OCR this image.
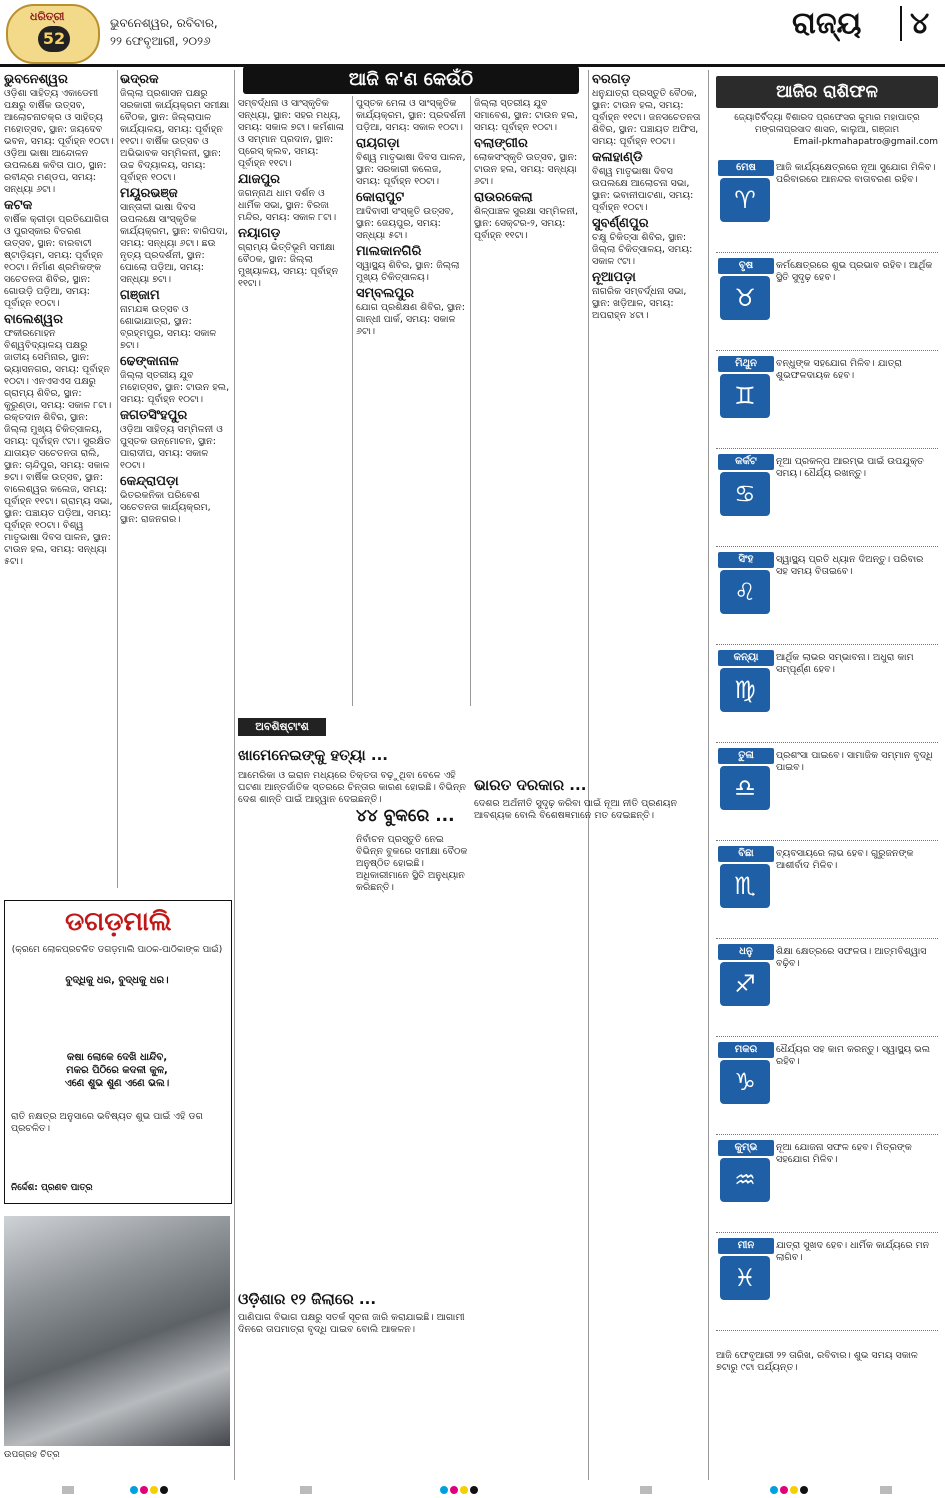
ଧରିତ୍ରୀ
52
ଭୁବନେଶ୍ୱର, ରବିବାର,
୨୨ ଫେବୃଆରୀ, ୨୦୨୬	ରାଜ୍ୟ	୪
ଭୁବନେଶ୍ୱର

ଓଡ଼ିଶା ସାହିତ୍ୟ ଏକାଡେମୀ ପକ୍ଷରୁ ବାର୍ଷିକ ଉତ୍ସବ, ଆଲୋଚନାଚକ୍ର ଓ ସାହିତ୍ୟ ମହୋତ୍ସବ, ସ୍ଥାନ: ଜୟଦେବ ଭବନ, ସମୟ: ପୂର୍ବାହ୍ନ ୧୦ଟା। ଓଡ଼ିଆ ଭାଷା ଆନ୍ଦୋଳନ ଉପଲକ୍ଷେ କବିତା ପାଠ, ସ୍ଥାନ: ରବୀନ୍ଦ୍ର ମଣ୍ଡପ, ସମୟ: ସନ୍ଧ୍ୟା ୬ଟା।

କଟକ

ବାର୍ଷିକ କ୍ରୀଡ଼ା ପ୍ରତିଯୋଗିତା ଓ ପୁରସ୍କାର ବିତରଣ ଉତ୍ସବ, ସ୍ଥାନ: ବାରବାଟୀ ଷ୍ଟାଡ଼ିୟମ, ସମୟ: ପୂର୍ବାହ୍ନ ୧୦ଟା। ନିର୍ମାଣ ଶ୍ରମିକଙ୍କ ସଚେତନତା ଶିବିର, ସ୍ଥାନ: ଗୋଉଡ଼ି ପଡ଼ିଆ, ସମୟ: ପୂର୍ବାହ୍ନ ୧୦ଟା।

ବାଲେଶ୍ୱର

ଫକୀରମୋହନ ବିଶ୍ୱବିଦ୍ୟାଳୟ ପକ୍ଷରୁ ଜାତୀୟ ସେମିନାର, ସ୍ଥାନ: ଭ୍ୟାସନଗର, ସମୟ: ପୂର୍ବାହ୍ନ ୧୦ଟା। ଏନଏସଏସ ପକ୍ଷରୁ ଗ୍ରାମ୍ୟ ଶିବିର, ସ୍ଥାନ: କୁରୁଣ୍ଡା, ସମୟ: ସକାଳ ୮ଟା। ରକ୍ତଦାନ ଶିବିର, ସ୍ଥାନ: ଜିଲ୍ଲା ମୁଖ୍ୟ ଚିକିତ୍ସାଳୟ, ସମୟ: ପୂର୍ବାହ୍ନ ୯ଟା। ସୁରକ୍ଷିତ ଯାତାୟତ ସଚେତନତା ରାଲି, ସ୍ଥାନ: ଚାନ୍ଦିପୁର, ସମୟ: ସକାଳ ୭ଟା। ବାର୍ଷିକ ଉତ୍ସବ, ସ୍ଥାନ: ବାଲେଶ୍ୱର କଲେଜ, ସମୟ: ପୂର୍ବାହ୍ନ ୧୧ଟା। ଗ୍ରାମ୍ୟ ସଭା, ସ୍ଥାନ: ପଞ୍ଚାୟତ ପଡ଼ିଆ, ସମୟ: ପୂର୍ବାହ୍ନ ୧୦ଟା। ବିଶ୍ୱ ମାତୃଭାଷା ଦିବସ ପାଳନ, ସ୍ଥାନ: ଟାଉନ ହଲ, ସମୟ: ସନ୍ଧ୍ୟା ୫ଟା।

ଭଦ୍ରକ

ଜିଲ୍ଲା ପ୍ରଶାସନ ପକ୍ଷରୁ ସରକାରୀ କାର୍ଯ୍ୟକ୍ରମ ସମୀକ୍ଷା ବୈଠକ, ସ୍ଥାନ: ଜିଲ୍ଲାପାଳ କାର୍ଯ୍ୟାଳୟ, ସମୟ: ପୂର୍ବାହ୍ନ ୧୧ଟା। ବାର୍ଷିକ ଉତ୍ସବ ଓ ଅଭିଭାବକ ସମ୍ମିଳନୀ, ସ୍ଥାନ: ଉଚ୍ଚ ବିଦ୍ୟାଳୟ, ସମୟ: ପୂର୍ବାହ୍ନ ୧୦ଟା।

ମୟୂରଭଞ୍ଜ

ସାନ୍ତାଳୀ ଭାଷା ଦିବସ ଉପଲକ୍ଷେ ସାଂସ୍କୃତିକ କାର୍ଯ୍ୟକ୍ରମ, ସ୍ଥାନ: ବାରିପଦା, ସମୟ: ସନ୍ଧ୍ୟା ୬ଟା। ଛଉ ନୃତ୍ୟ ପ୍ରଦର୍ଶନୀ, ସ୍ଥାନ: ପୋଲୋ ପଡ଼ିଆ, ସମୟ: ସନ୍ଧ୍ୟା ୭ଟା।

ଗଞ୍ଜାମ

ନାମଯଜ୍ଞ ଉତ୍ସବ ଓ ଶୋଭାଯାତ୍ରା, ସ୍ଥାନ: ବ୍ରହ୍ମପୁର, ସମୟ: ସକାଳ ୭ଟା।

ଢେଙ୍କାନାଳ

ଜିଲ୍ଲା ସ୍ତରୀୟ ଯୁବ ମହୋତ୍ସବ, ସ୍ଥାନ: ଟାଉନ ହଲ, ସମୟ: ପୂର୍ବାହ୍ନ ୧୦ଟା।

ଜଗତସିଂହପୁର

ଓଡ଼ିଆ ସାହିତ୍ୟ ସମ୍ମିଳନୀ ଓ ପୁସ୍ତକ ଉନ୍ମୋଚନ, ସ୍ଥାନ: ପାରାଦୀପ, ସମୟ: ସକାଳ ୧୦ଟା।

କେନ୍ଦ୍ରାପଡ଼ା

ଭିତରକନିକା ପରିବେଶ ସଚେତନତା କାର୍ଯ୍ୟକ୍ରମ, ସ୍ଥାନ: ରାଜନଗର।

ଆଜି କ'ଣ କେଉଁଠି

ସମ୍ବର୍ଦ୍ଧନା ଓ ସାଂସ୍କୃତିକ ସନ୍ଧ୍ୟା, ସ୍ଥାନ: ସହର ମଧ୍ୟ, ସମୟ: ସକାଳ ୭ଟା। କର୍ମଶାଳା ଓ ସମ୍ମାନ ପ୍ରଦାନ, ସ୍ଥାନ: ପ୍ରେସ୍ କ୍ଲବ, ସମୟ: ପୂର୍ବାହ୍ନ ୧୧ଟା।

ଯାଜପୁର

ଜଗନ୍ନାଥ ଧାମ ଦର୍ଶନ ଓ ଧାର୍ମିକ ସଭା, ସ୍ଥାନ: ବିରଜା ମନ୍ଦିର, ସମୟ: ସକାଳ ୮ଟା।

ନୟାଗଡ଼

ଗ୍ରାମ୍ୟ ଭିତ୍ତିଭୂମି ସମୀକ୍ଷା ବୈଠକ, ସ୍ଥାନ: ଜିଲ୍ଲା ମୁଖ୍ୟାଳୟ, ସମୟ: ପୂର୍ବାହ୍ନ ୧୧ଟା।

ପୁସ୍ତକ ମେଳା ଓ ସାଂସ୍କୃତିକ କାର୍ଯ୍ୟକ୍ରମ, ସ୍ଥାନ: ପ୍ରଦର୍ଶନୀ ପଡ଼ିଆ, ସମୟ: ସକାଳ ୧୦ଟା।

ରାୟଗଡ଼ା

ବିଶ୍ୱ ମାତୃଭାଷା ଦିବସ ପାଳନ, ସ୍ଥାନ: ସରକାରୀ କଲେଜ, ସମୟ: ପୂର୍ବାହ୍ନ ୧୦ଟା।

କୋରାପୁଟ

ଆଦିବାସୀ ସଂସ୍କୃତି ଉତ୍ସବ, ସ୍ଥାନ: ଜେୟପୁର, ସମୟ: ସନ୍ଧ୍ୟା ୫ଟା।

ମାଲକାନଗିରି

ସ୍ୱାସ୍ଥ୍ୟ ଶିବିର, ସ୍ଥାନ: ଜିଲ୍ଲା ମୁଖ୍ୟ ଚିକିତ୍ସାଳୟ।

ସମ୍ବଲପୁର

ଯୋଗ ପ୍ରଶିକ୍ଷଣ ଶିବିର, ସ୍ଥାନ: ଗାନ୍ଧୀ ପାର୍କ, ସମୟ: ସକାଳ ୬ଟା।

ଜିଲ୍ଲା ସ୍ତରୀୟ ଯୁବ ସମାବେଶ, ସ୍ଥାନ: ଟାଉନ ହଲ, ସମୟ: ପୂର୍ବାହ୍ନ ୧୦ଟା।

ବଲାଙ୍ଗୀର

ଲୋକସଂସ୍କୃତି ଉତ୍ସବ, ସ୍ଥାନ: ଟାଉନ ହଲ, ସମୟ: ସନ୍ଧ୍ୟା ୬ଟା।

ରାଉରକେଲା

ଶିଳ୍ପାଞ୍ଚଳ ସୁରକ୍ଷା ସମ୍ମିଳନୀ, ସ୍ଥାନ: ସେକ୍ଟର-୨, ସମୟ: ପୂର୍ବାହ୍ନ ୧୧ଟା।

ବରଗଡ଼

ଧନୁଯାତ୍ରା ପ୍ରସ୍ତୁତି ବୈଠକ, ସ୍ଥାନ: ଟାଉନ ହଲ, ସମୟ: ପୂର୍ବାହ୍ନ ୧୧ଟା। ଜନସଚେତନତା ଶିବିର, ସ୍ଥାନ: ପଞ୍ଚାୟତ ଅଫିସ, ସମୟ: ପୂର୍ବାହ୍ନ ୧୦ଟା।

କଳାହାଣ୍ଡି

ବିଶ୍ୱ ମାତୃଭାଷା ଦିବସ ଉପଲକ୍ଷେ ଆଲୋଚନା ସଭା, ସ୍ଥାନ: ଭବାନୀପାଟଣା, ସମୟ: ପୂର୍ବାହ୍ନ ୧୦ଟା।

ସୁବର୍ଣ୍ଣପୁର

ଚକ୍ଷୁ ଚିକିତ୍ସା ଶିବିର, ସ୍ଥାନ: ଜିଲ୍ଲା ଚିକିତ୍ସାଳୟ, ସମୟ: ସକାଳ ୯ଟା।

ନୂଆପଡ଼ା

ନାଗରିକ ସମ୍ବର୍ଦ୍ଧନା ସଭା, ସ୍ଥାନ: ଖଡ଼ିଆଳ, ସମୟ: ଅପରାହ୍ନ ୪ଟା।

ଅବଶିଷ୍ଟାଂଶ
ଖାମେନେଇଙ୍କୁ ହତ୍ୟା ...

ଆମେରିକା ଓ ଇରାନ ମଧ୍ୟରେ ତିକ୍ତତା ବଢ଼ୁଥିବା ବେଳେ ଏହି ଘଟଣା ଆନ୍ତର୍ଜାତିକ ସ୍ତରରେ ଚିନ୍ତାର କାରଣ ହୋଇଛି। ବିଭିନ୍ନ ଦେଶ ଶାନ୍ତି ପାଇଁ ଆହ୍ୱାନ ଦେଇଛନ୍ତି।

ଓଡ଼ିଶାର ୧୨ ଜିଲାରେ ...

ପାଣିପାଗ ବିଭାଗ ପକ୍ଷରୁ ସତର୍କ ସୂଚନା ଜାରି କରାଯାଇଛି। ଆଗାମୀ ଦିନରେ ତାପମାତ୍ରା ବୃଦ୍ଧି ପାଇବ ବୋଲି ଆକଳନ।

୪୪ ବୁକରେ ...

ନିର୍ବାଚନ ପ୍ରସ୍ତୁତି ନେଇ ବିଭିନ୍ନ ବୁକରେ ସମୀକ୍ଷା ବୈଠକ ଅନୁଷ୍ଠିତ ହୋଇଛି। ଅଧିକାରୀମାନେ ସ୍ଥିତି ଅନୁଧ୍ୟାନ କରିଛନ୍ତି।

ଭାରତ ଦରକାର ...

ଦେଶର ଅର୍ଥନୀତି ସୁଦୃଢ଼ କରିବା ପାଇଁ ନୂଆ ନୀତି ପ୍ରଣୟନ ଆବଶ୍ୟକ ବୋଲି ବିଶେଷଜ୍ଞମାନେ ମତ ଦେଇଛନ୍ତି।

ଡଗଡ଼ମାଲି
(କ୍ରମେ ଲୋକପ୍ରଚଳିତ ଡଗଡ଼ମାଲି ପାଠକ-ପାଠିକାଙ୍କ ପାଇଁ)
ବୁଦ୍ଧିକୁ ଧର, ବୁଦ୍ଧକୁ ଧର।
କଷା ଲୋକେ ଦେଖି ଧାନ୍ଦିବ,
ମକର ପିଠିରେ କଦଳୀ କୁଳ,
ଏଣେ ଶୁଭ ଶୁଣ ଏଣେ ଭଲ।
ରାତି ନକ୍ଷତ୍ର ଅନୁସାରେ ଭବିଷ୍ୟତ ଶୁଭ ପାଇଁ ଏହି ଡଗ ପ୍ରଚଳିତ।
ନିର୍ଦ୍ଦେଶ: ପ୍ରଣବ ପାତ୍ର
ଉପଗ୍ରହ ଚିତ୍ର
ଆଜିର ରାଶିଫଳ
ଜ୍ୟୋତିର୍ବିଦ୍ୟା ବିଶାରଦ ପ୍ରଫେସର କୁମାର ମହାପାତ୍ର
ମଙ୍ଗଳାପ୍ରସାଦ ଶାସନ, କାଲୁଆ, ଗଞ୍ଜାମ
Email-pkmahapatro@gmail.com
ମେଷ
♈
ଆଜି କାର୍ଯ୍ୟକ୍ଷେତ୍ରରେ ନୂଆ ସୁଯୋଗ ମିଳିବ। ପରିବାରରେ ଆନନ୍ଦର ବାତାବରଣ ରହିବ।
ବୃଷ
♉
କର୍ମକ୍ଷେତ୍ରରେ ଶୁଭ ପ୍ରଭାବ ରହିବ। ଆର୍ଥିକ ସ୍ଥିତି ସୁଦୃଢ଼ ହେବ।
ମିଥୁନ
♊
ବନ୍ଧୁଙ୍କ ସହଯୋଗ ମିଳିବ। ଯାତ୍ରା ଶୁଭଫଳଦାୟକ ହେବ।
କର୍କଟ
♋
ନୂଆ ପ୍ରକଳ୍ପ ଆରମ୍ଭ ପାଇଁ ଉପଯୁକ୍ତ ସମୟ। ଧୈର୍ଯ୍ୟ ରଖନ୍ତୁ।
ସିଂହ
♌
ସ୍ୱାସ୍ଥ୍ୟ ପ୍ରତି ଧ୍ୟାନ ଦିଅନ୍ତୁ। ପରିବାର ସହ ସମୟ ବିତାଇବେ।
କନ୍ୟା
♍
ଆର୍ଥିକ ଲାଭର ସମ୍ଭାବନା। ଅଧୁରା କାମ ସମ୍ପୂର୍ଣ୍ଣ ହେବ।
ତୁଳା
♎
ପ୍ରଶଂସା ପାଇବେ। ସାମାଜିକ ସମ୍ମାନ ବୃଦ୍ଧି ପାଇବ।
ବିଛା
♏
ବ୍ୟବସାୟରେ ଲାଭ ହେବ। ଗୁରୁଜନଙ୍କ ଆଶୀର୍ବାଦ ମିଳିବ।
ଧନୁ
♐
ଶିକ୍ଷା କ୍ଷେତ୍ରରେ ସଫଳତା। ଆତ୍ମବିଶ୍ୱାସ ବଢ଼ିବ।
ମକର
♑
ଧୈର୍ଯ୍ୟର ସହ କାମ କରନ୍ତୁ। ସ୍ୱାସ୍ଥ୍ୟ ଭଲ ରହିବ।
କୁମ୍ଭ
♒
ନୂଆ ଯୋଜନା ସଫଳ ହେବ। ମିତ୍ରଙ୍କ ସହଯୋଗ ମିଳିବ।
ମୀନ
♓
ଯାତ୍ରା ସୁଖଦ ହେବ। ଧାର୍ମିକ କାର୍ଯ୍ୟରେ ମନ ଲାଗିବ।

ଆଜି ଫେବୃଆରୀ ୨୨ ତାରିଖ, ରବିବାର। ଶୁଭ ସମୟ ସକାଳ ୭ଟାରୁ ୯ଟା ପର୍ଯ୍ୟନ୍ତ।
